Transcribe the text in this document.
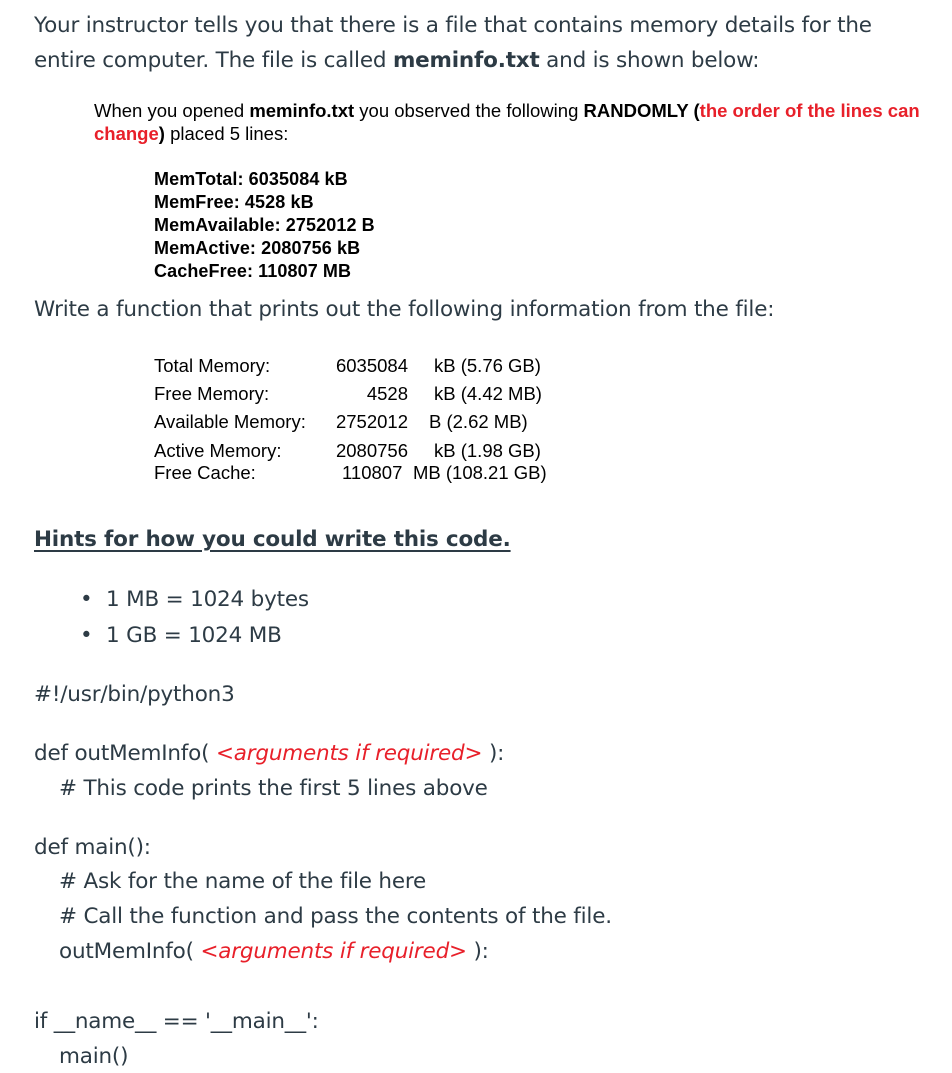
Your instructor tells you that there is a file that contains memory details for the
entire computer. The file is called meminfo.txt and is shown below:
When you opened meminfo.txt you observed the following RANDOMLY (the order of the lines can change) placed 5 lines:
MemTotal: 6035084 kB
MemFree: 4528 kB
MemAvailable: 2752012 B
MemActive: 2080756 kB
CacheFree: 110807 MB
Write a function that prints out the following information from the file:
Total Memory:	6035084 kB (5.76 GB)
Free Memory:	4528 kB (4.42 MB)
Available Memory: 2752012 B (2.62 MB)
Active Memory:	2080756 kB (1.98 GB)
Free Cache:	110807 MB (108.21 GB)
Hints for how you could write this code.
• 1 MB = 1024 bytes
• 1 GB = 1024 MB
#!/usr/bin/python3
def outMemInfo( <arguments if required> ):
# This code prints the first 5 lines above
def main():
# Ask for the name of the file here
# Call the function and pass the contents of the file.
outMemInfo( <arguments if required> ):
if __name__ == '__main__':
main()
